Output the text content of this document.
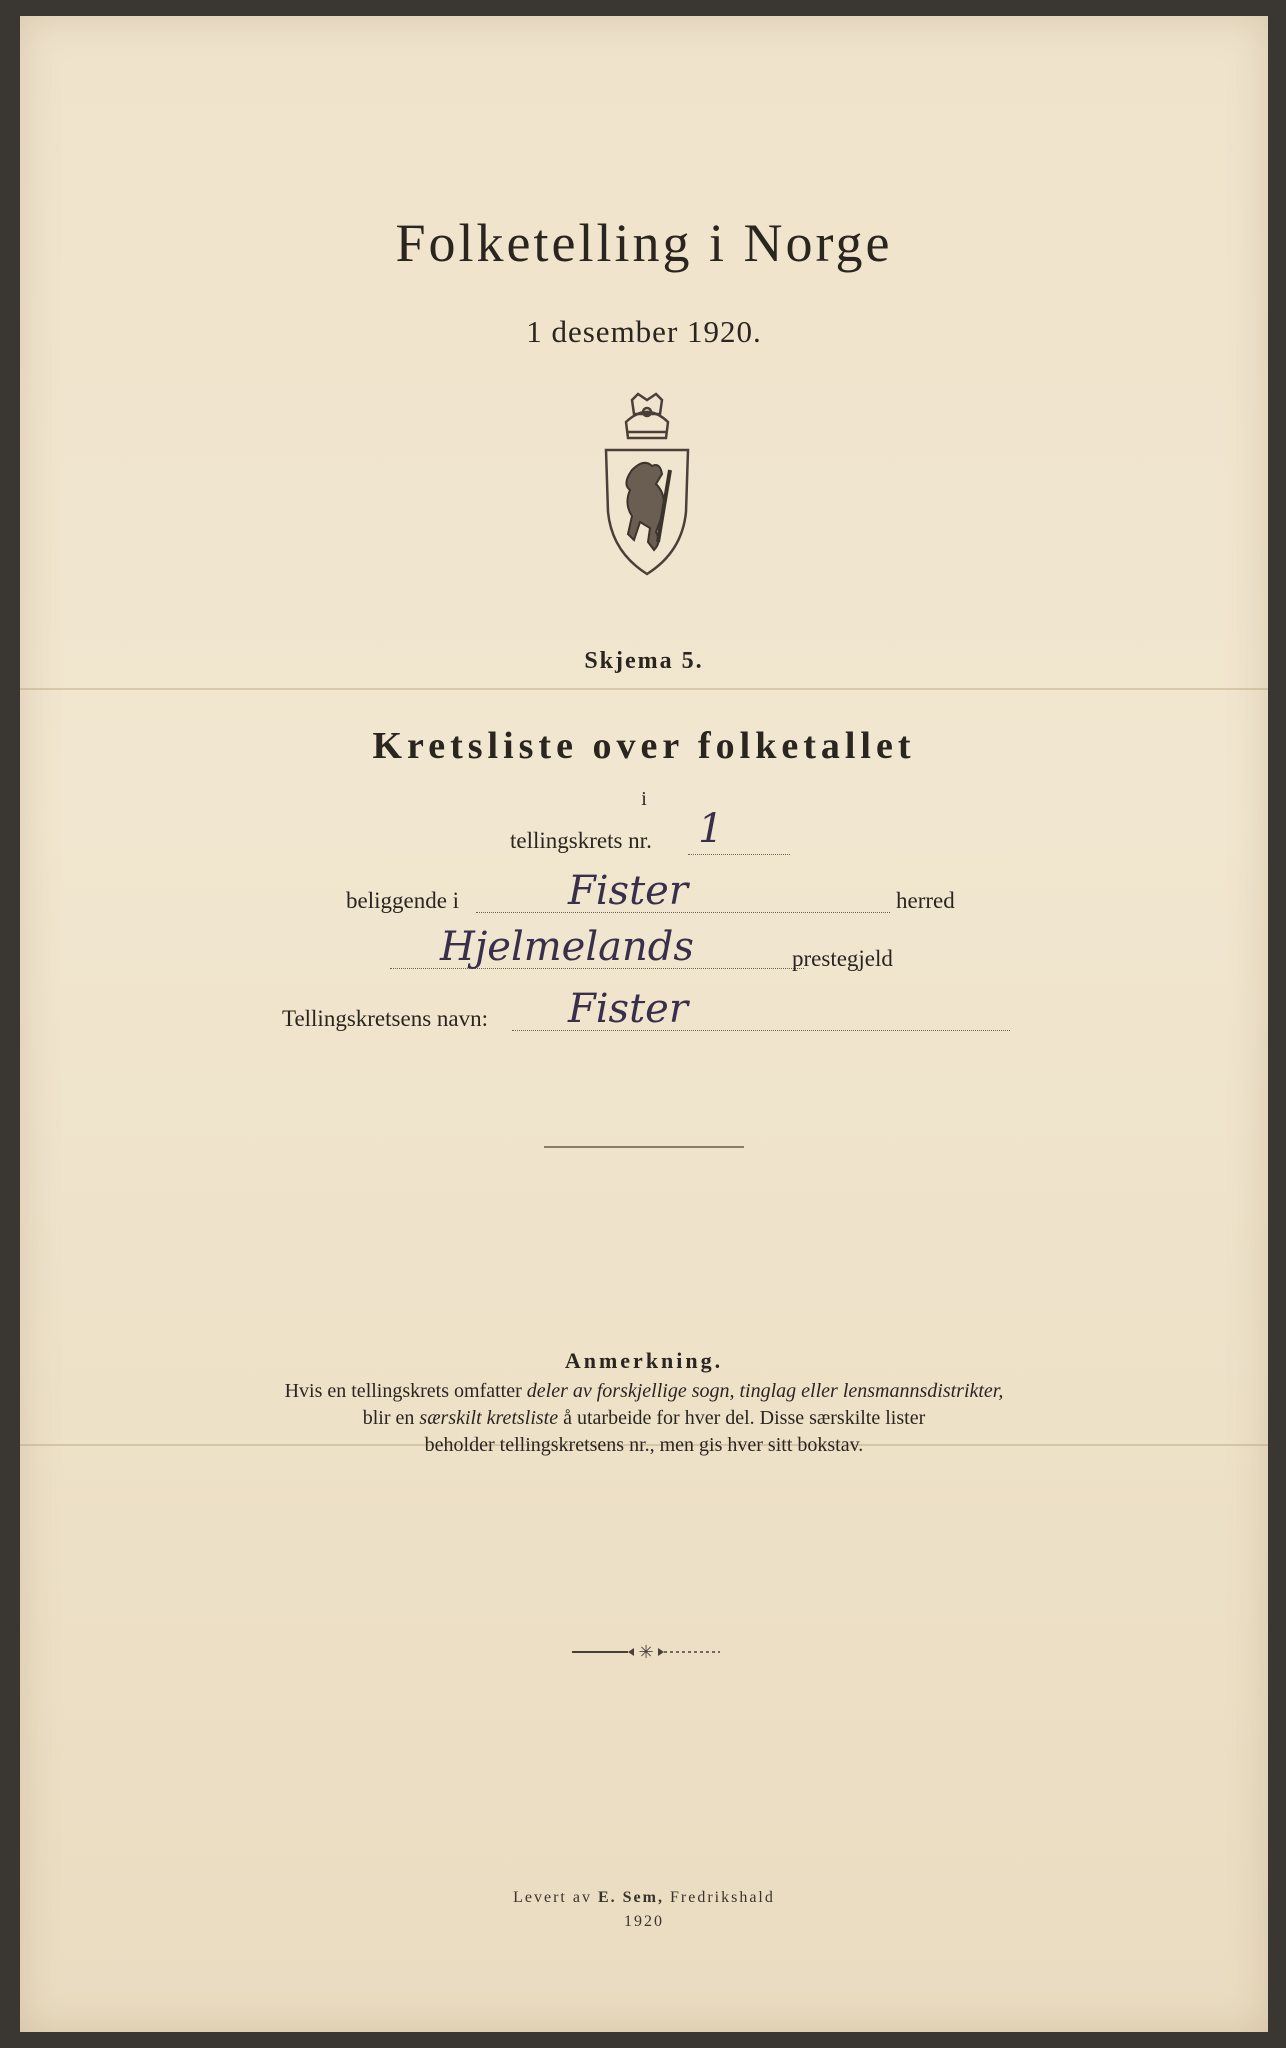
Folketelling i Norge
1 desember 1920.
Skjema 5.
Kretsliste over folketallet
i
tellingskrets nr. 1
beliggende i	Fister	herred
Hjelmelands	prestegjeld
Tellingskretsens navn: Fister
Anmerkning.
Hvis en tellingskrets omfatter deler av forskjellige sogn, tinglag eller lensmannsdistrikter,
blir en særskilt kretsliste å utarbeide for hver del. Disse særskilte lister
beholder tellingskretsens nr., men gis hver sitt bokstav.
✳
Levert av E. Sem, Fredrikshald
1920
